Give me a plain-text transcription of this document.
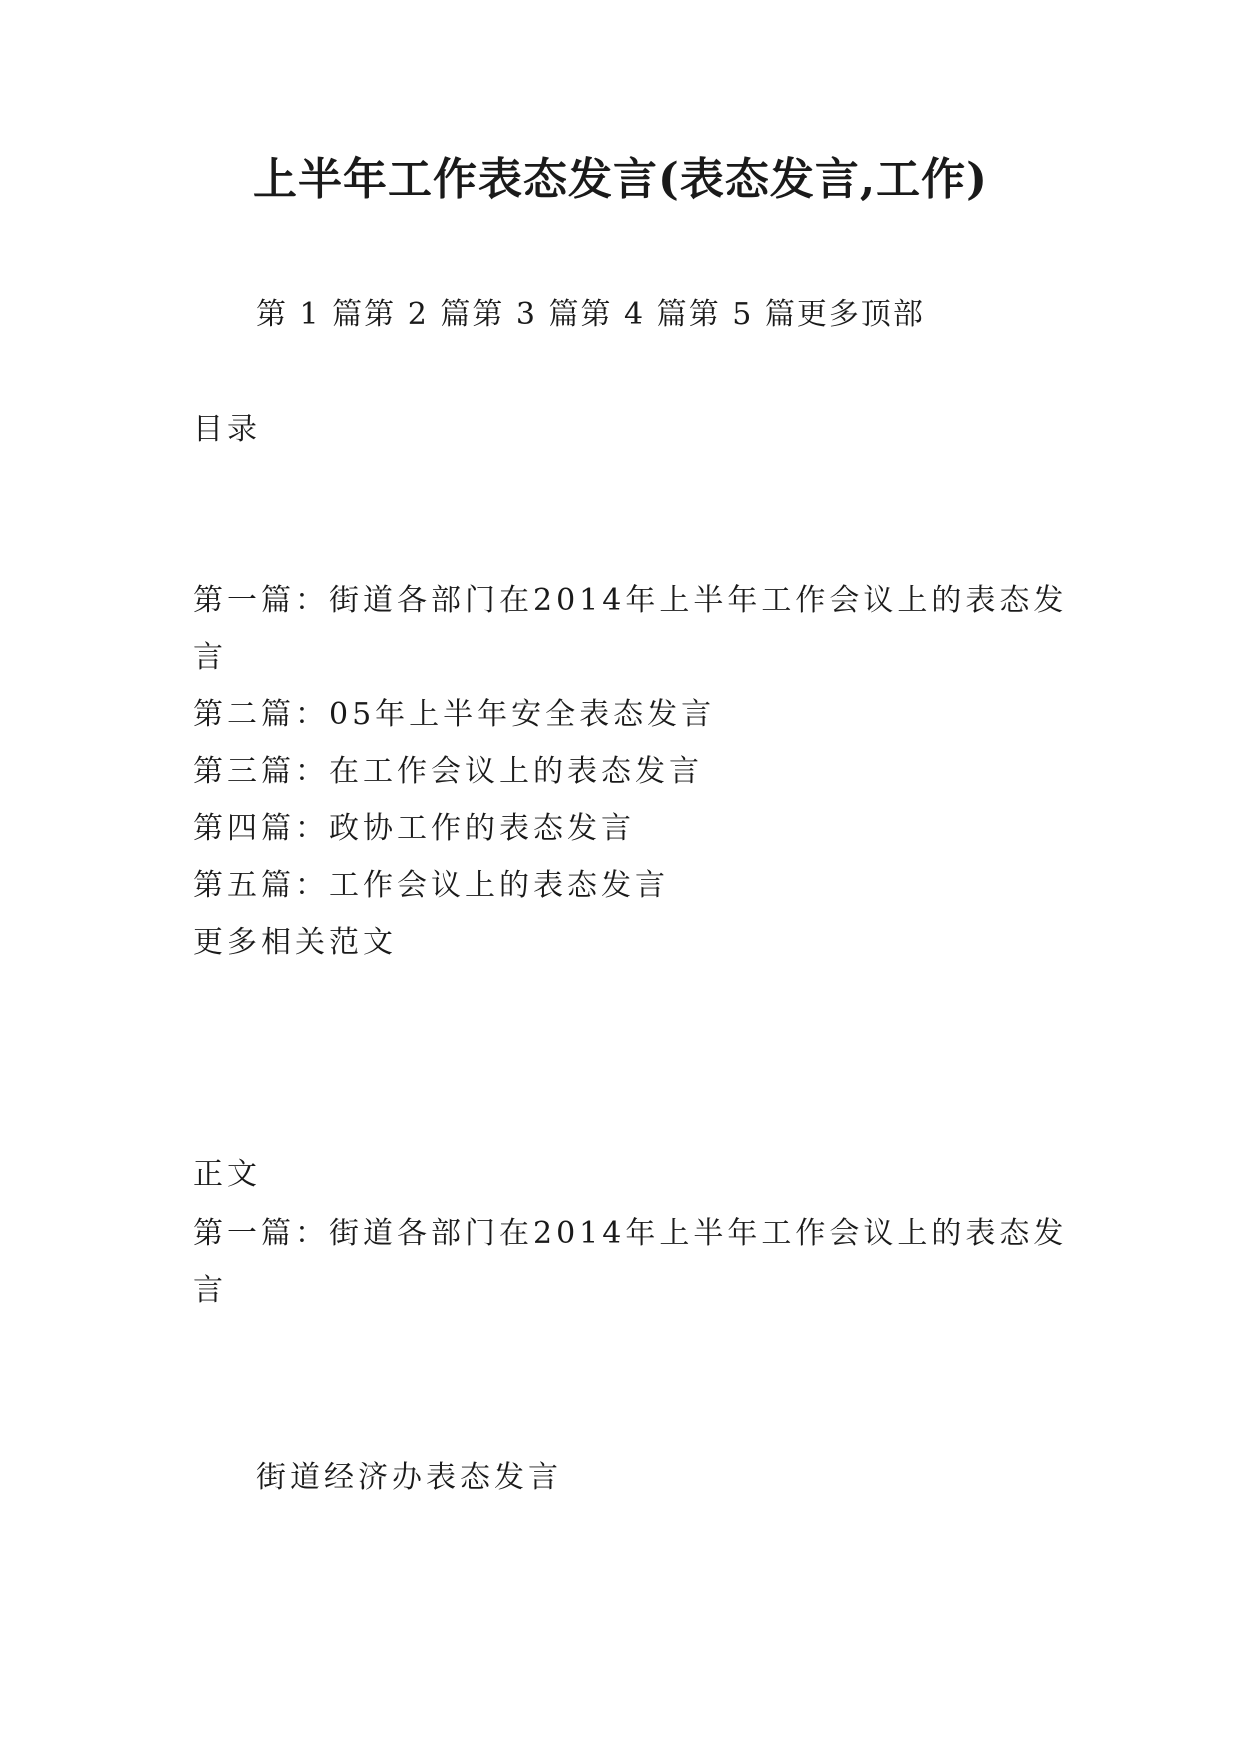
上半年工作表态发言(表态发言,工作)
第 1 篇第 2 篇第 3 篇第 4 篇第 5 篇更多顶部
目录
第一篇：街道各部门在2014年上半年工作会议上的表态发言
第二篇：05年上半年安全表态发言
第三篇：在工作会议上的表态发言
第四篇：政协工作的表态发言
第五篇：工作会议上的表态发言
更多相关范文
正文
第一篇：街道各部门在2014年上半年工作会议上的表态发言
街道经济办表态发言
